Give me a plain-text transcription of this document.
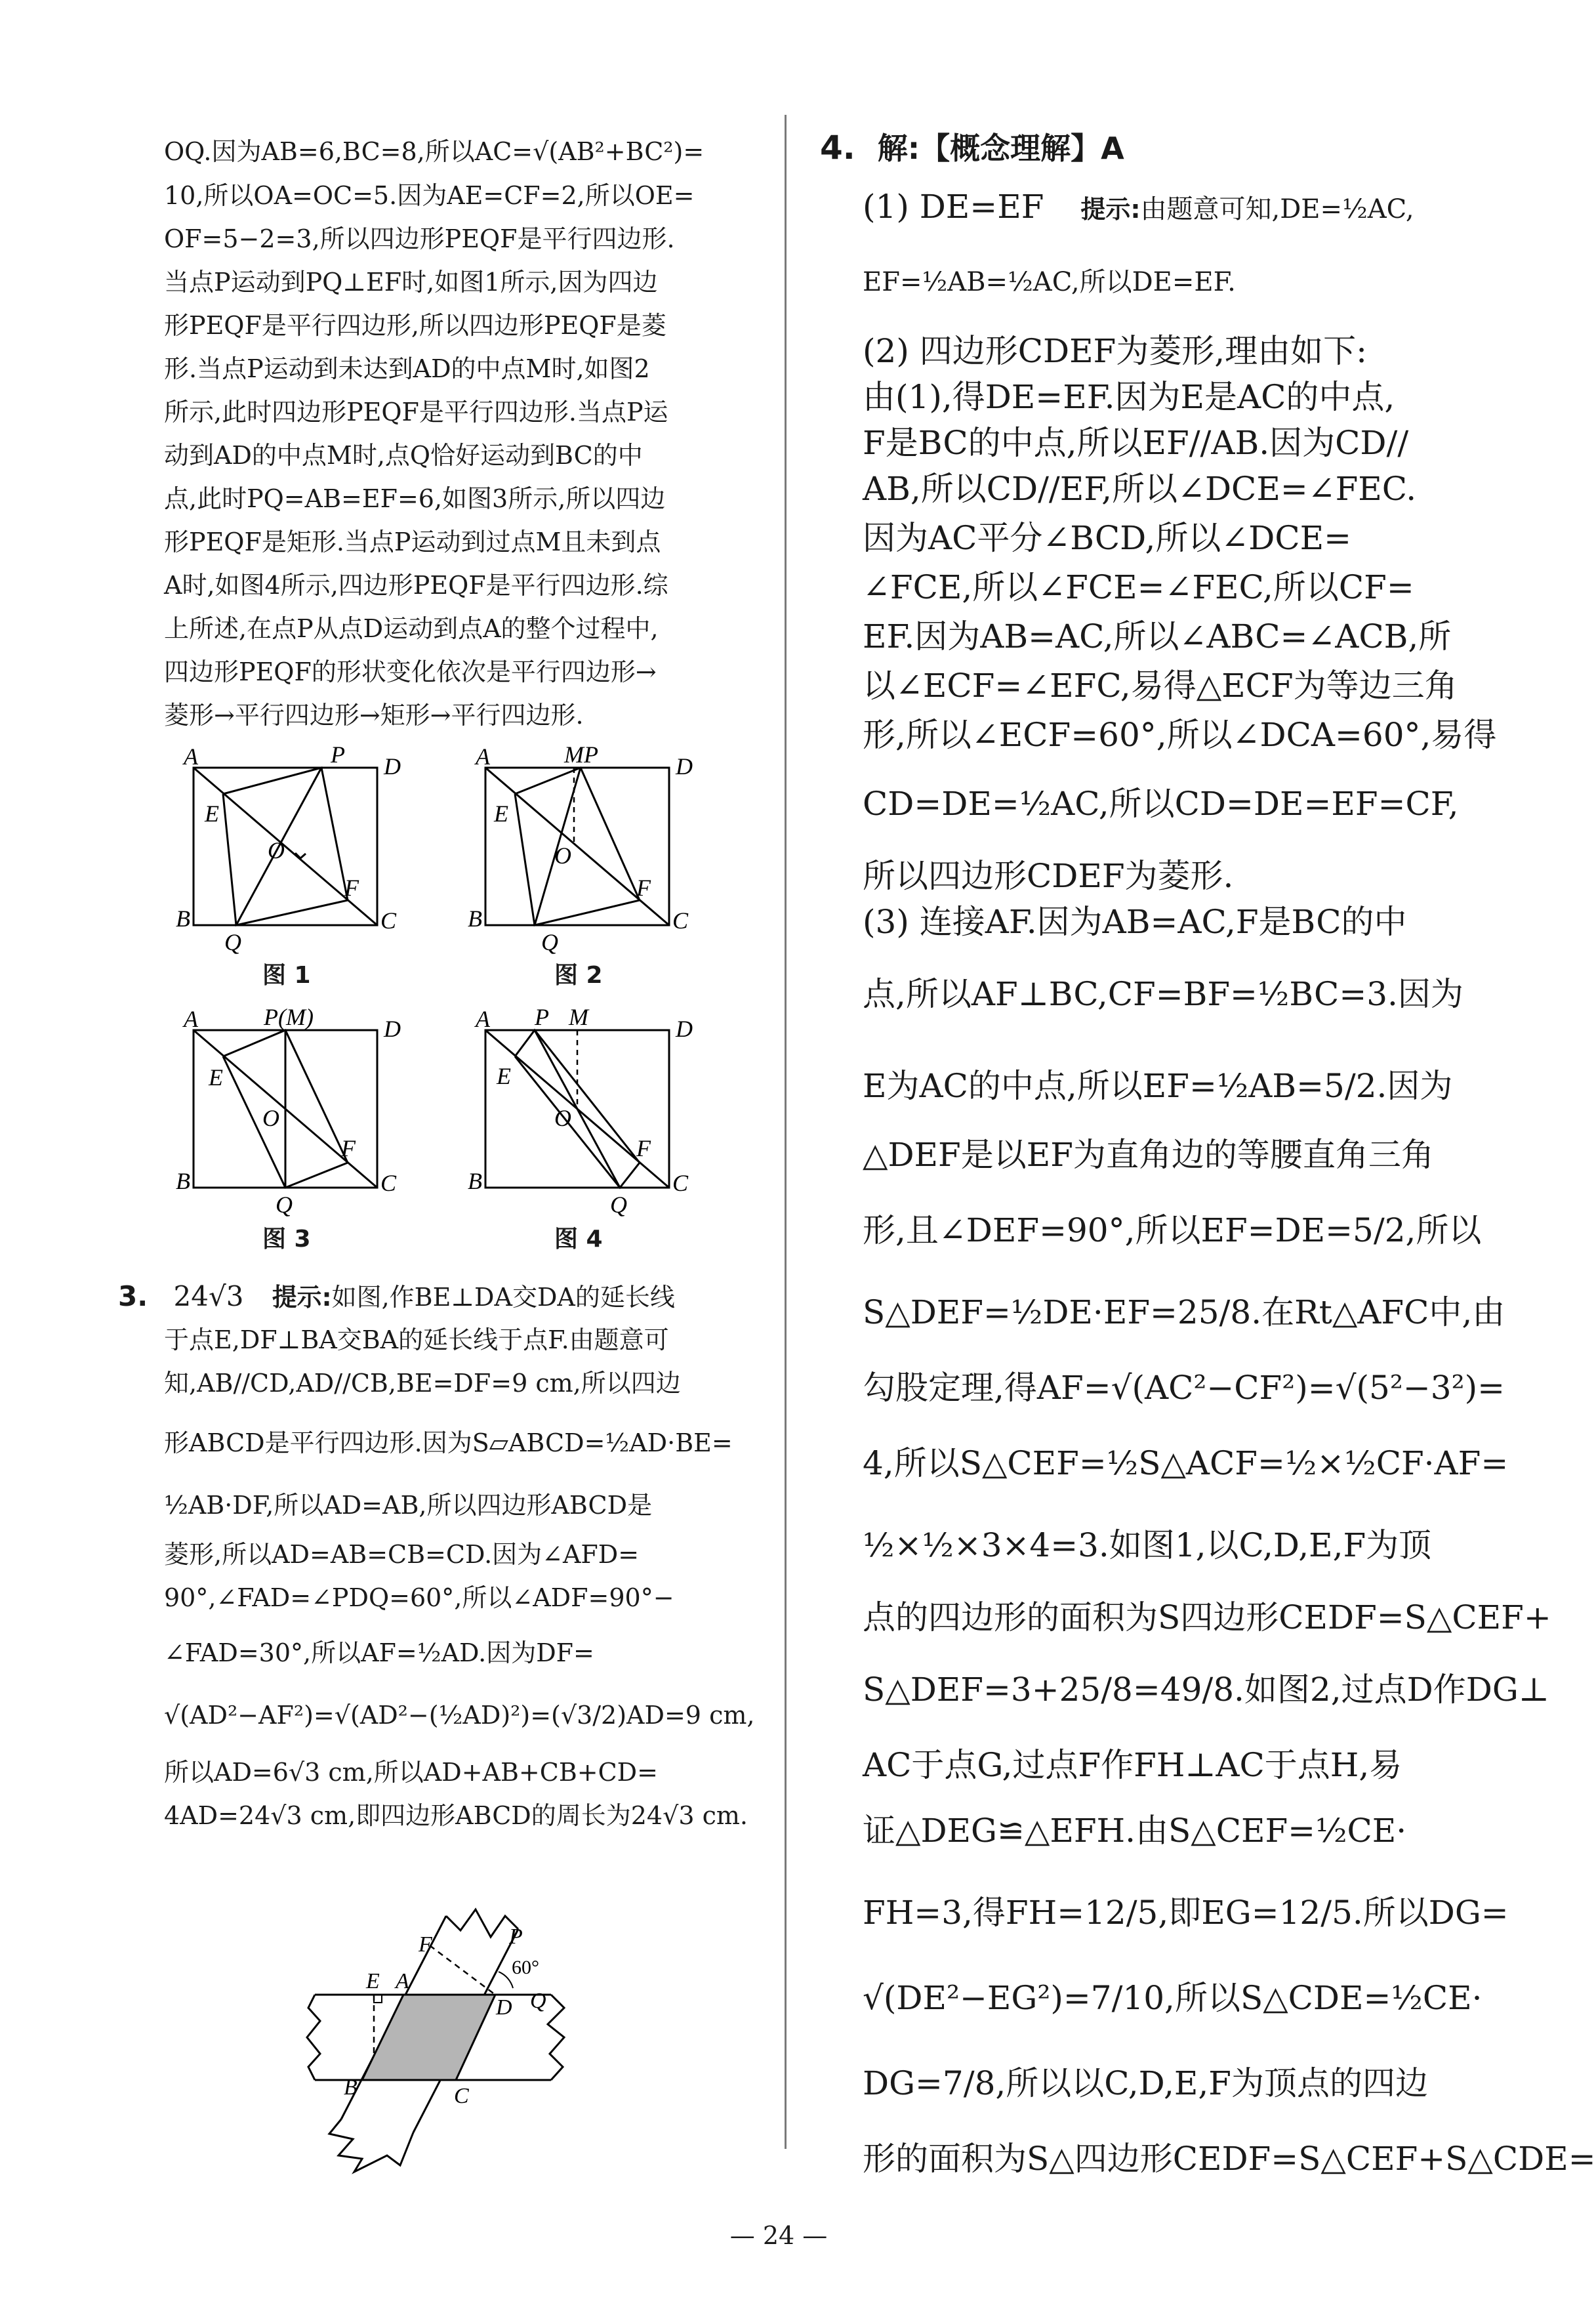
OQ.因为AB=6,BC=8,所以AC=√(AB²+BC²)=
10,所以OA=OC=5.因为AE=CF=2,所以OE=
OF=5−2=3,所以四边形PEQF是平行四边形.
当点P运动到PQ⊥EF时,如图1所示,因为四边
形PEQF是平行四边形,所以四边形PEQF是菱
形.当点P运动到未达到AD的中点M时,如图2
所示,此时四边形PEQF是平行四边形.当点P运
动到AD的中点M时,点Q恰好运动到BC的中
点,此时PQ=AB=EF=6,如图3所示,所以四边
形PEQF是矩形.当点P运动到过点M且未到点
A时,如图4所示,四边形PEQF是平行四边形.综
上所述,在点P从点D运动到点A的整个过程中,
四边形PEQF的形状变化依次是平行四边形→
菱形→平行四边形→矩形→平行四边形.
A	P D
E
O
F
B
Q
C
图 1
A	MP	D
E
O
F
B
Q
C
图 2
A	P(M)	D
E
O
F
B
Q
C
图 3
A P M	D
E
O
F
B
Q
C
图 4
3. 24√3 提示:如图,作BE⊥DA交DA的延长线
于点E,DF⊥BA交BA的延长线于点F.由题意可
知,AB//CD,AD//CB,BE=DF=9 cm,所以四边
形ABCD是平行四边形.因为S▱ABCD=½AD·BE=
½AB·DF,所以AD=AB,所以四边形ABCD是
菱形,所以AD=AB=CB=CD.因为∠AFD=
90°,∠FAD=∠PDQ=60°,所以∠ADF=90°−
∠FAD=30°,所以AF=½AD.因为DF=
√(AD²−AF²)=√(AD²−(½AD)²)=(√3/2)AD=9 cm,
所以AD=6√3 cm,所以AD+AB+CB+CD=
4AD=24√3 cm,即四边形ABCD的周长为24√3 cm.
E A
F	P
60°
D Q
B	C
4. 解:【概念理解】A
(1) DE=EF 提示:由题意可知,DE=½AC,
EF=½AB=½AC,所以DE=EF.
(2) 四边形CDEF为菱形,理由如下:
由(1),得DE=EF.因为E是AC的中点,
F是BC的中点,所以EF//AB.因为CD//
AB,所以CD//EF,所以∠DCE=∠FEC.
因为AC平分∠BCD,所以∠DCE=
∠FCE,所以∠FCE=∠FEC,所以CF=
EF.因为AB=AC,所以∠ABC=∠ACB,所
以∠ECF=∠EFC,易得△ECF为等边三角
形,所以∠ECF=60°,所以∠DCA=60°,易得
CD=DE=½AC,所以CD=DE=EF=CF,
所以四边形CDEF为菱形.
(3) 连接AF.因为AB=AC,F是BC的中
点,所以AF⊥BC,CF=BF=½BC=3.因为
E为AC的中点,所以EF=½AB=5/2.因为
△DEF是以EF为直角边的等腰直角三角
形,且∠DEF=90°,所以EF=DE=5/2,所以
S△DEF=½DE·EF=25/8.在Rt△AFC中,由
勾股定理,得AF=√(AC²−CF²)=√(5²−3²)=
4,所以S△CEF=½S△ACF=½×½CF·AF=
½×½×3×4=3.如图1,以C,D,E,F为顶
点的四边形的面积为S四边形CEDF=S△CEF+
S△DEF=3+25/8=49/8.如图2,过点D作DG⊥
AC于点G,过点F作FH⊥AC于点H,易
证△DEG≌△EFH.由S△CEF=½CE·
FH=3,得FH=12/5,即EG=12/5.所以DG=
√(DE²−EG²)=7/10,所以S△CDE=½CE·
DG=7/8,所以以C,D,E,F为顶点的四边
形的面积为S△四边形CEDF=S△CEF+S△CDE=
— 24 —
